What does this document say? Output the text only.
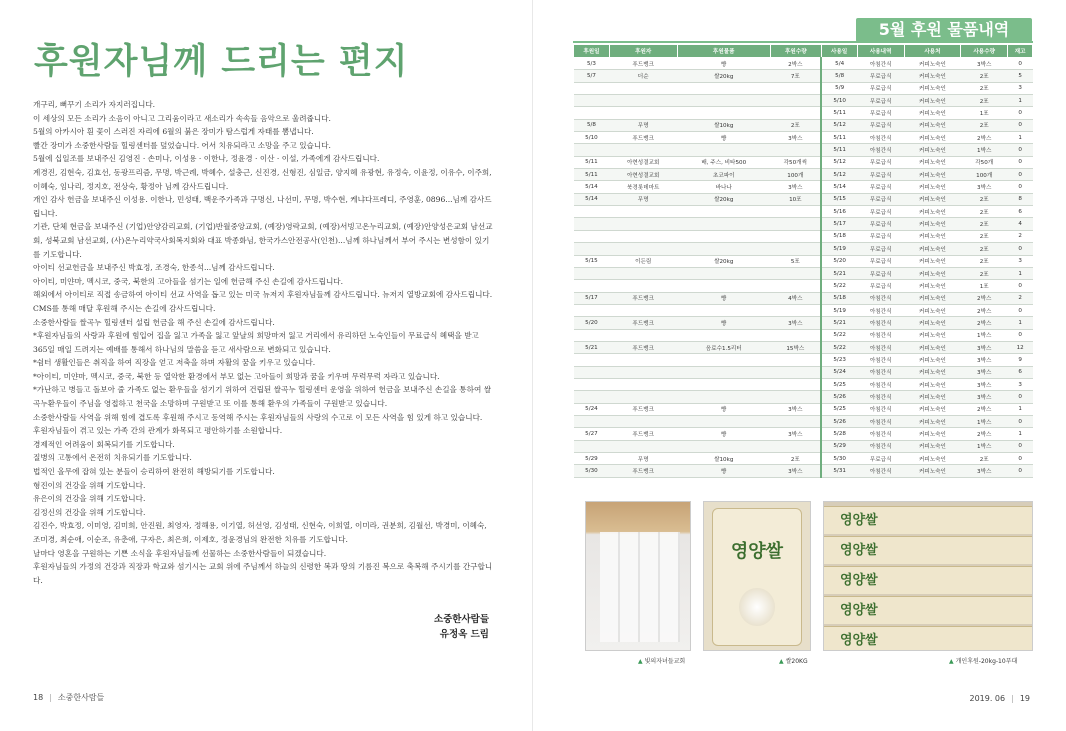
후원자님께 드리는 편지

개구리, 뻐꾸기 소리가 자지러집니다.

이 세상의 모든 소리가 소음이 아니고 그리움이라고 새소리가 속속들 음악으로 울려줍니다.

5월의 아카시아 흰 꽃이 스러진 자리에 6월의 붉은 장미가 탐스럽게 자태를 뽐냅니다.

빨간 장미가 소중한사람들 힐링센터를 덮었습니다. 어서 치유되라고 소망을 주고 있습니다.

5월에 십일조를 보내주신 김영진 · 손미나, 이성용 · 이한나, 정윤경 · 이산 · 이설, 가족에게 감사드립니다.

계경진, 김현숙, 김효선, 동광프리즘, 무명, 박근례, 박혜수, 설충근, 신진경, 신형진, 심일금, 양지혜 유광현, 유정숙, 이윤정, 이유수, 이주희, 이혜숙, 임나리, 정지호, 전상숙, 황정아 님께 감사드립니다.

개인 감사 헌금을 보내주신 이성용. 이한나, 민성태, 백운주가족과 구명신, 나선미, 무명, 박수현, 케냐다프레디, 주영훈, 0896...님께 감사드립니다.

기관, 단체 현금을 보내주신 (기업)안양감리교회, (기업)반월중앙교회, (예장)영락교회, (예장)서빙고온누리교회, (예장)안양성은교회 남선교회, 성북교회 남선교회, (사)온누리약국사회복지회와 대표 박종화님, 한국가스안전공사(인천)...님께 하나님께서 부어 주시는 변성함이 있기를 기도합니다.

아이티 선교헌금을 보내주신 박효정, 조경숙, 한종석...님께 감사드립니다.

아이티, 미얀마, 멕시코, 중국, 북한의 고아들을 섬기는 일에 헌금해 주신 손길에 감사드립니다.

해외에서 아이티로 직접 송금하여 아이티 선교 사역을 돕고 있는 미국 뉴저지 후원자님들께 감사드립니다. 뉴저지 열방교회에 감사드립니다.

CMS를 통해 매달 후원해 주시는 손길에 감사드립니다.

소중한사람들 쌀곡누 힐링센터 설립 헌금을 해 주신 손길에 감사드립니다.

*후원자님들의 사랑과 후원에 힘입어 집을 잃고 가족을 잃고 앞날의 희망마저 잃고 거리에서 유리하던 노숙인들이 무료급식 혜택을 받고 365일 매일 드려지는 예배를 통해서 하나님의 말씀을 듣고 새사람으로 변화되고 있습니다.

*쉼터 생활인들은 취직을 하여 직장을 얻고 저축을 하며 자활의 꿈을 키우고 있습니다.

*아이티, 미얀마, 멕시코, 중국, 북한 등 열악한 환경에서 부모 없는 고아들이 희망과 꿈을 키우며 무럭무럭 자라고 있습니다.

*가난하고 병들고 돌보아 줄 가족도 없는 환우들을 섬기기 위하여 건립된 쌀곡누 힐링센터 운영을 위하여 헌금을 보내주신 손길을 통하여 쌀곡누환우들이 주님을 영접하고 천국을 소망하며 구원받고 또 이를 통해 환우의 가족들이 구원받고 있습니다.

소중한사람들 사역을 위해 힘에 겹도록 후원해 주시고 동역해 주시는 후원자님들의 사랑의 수고로 이 모든 사역을 힘 있게 하고 있습니다.

후원자님들이 겪고 있는 가족 간의 관계가 화목되고 평안하기를 소원합니다.

경제적인 어려움이 회복되기를 기도합니다.

질병의 고통에서 온전히 치유되기를 기도합니다.

법적인 올무에 잡혀 있는 분들이 승리하여 완전히 해방되기를 기도합니다.

형진이의 건강을 위해 기도합니다.

유은이의 건강을 위해 기도합니다.

김정신의 건강을 위해 기도합니다.

김진수, 박효정, 이미영, 김미희, 안진원, 최영자, 정해용, 이기열, 허선영, 김성태, 신현숙, 이희열, 이미라, 권분희, 김월선, 박경미, 이혜숙, 조미경, 최순애, 이순조, 유춘애, 구자은, 최은희, 이제호, 정윤경님의 완전한 치유를 기도합니다.

날마다 영혼을 구원하는 기쁜 소식을 후원자님들께 선물하는 소중한사람들이 되겠습니다.

후원자님들의 가정의 건강과 직장과 학교와 섬기시는 교회 위에 주님께서 하늘의 신령한 복과 땅의 기름진 복으로 축복해 주시기를 간구합니다.

소중한사람들
유정옥 드림
18 | 소중한사람들
5월 후원 물품내역
후원일	후원자	후원물품	후원수량	사용일	사용내역	사용처	사용수량	재고
5/3	푸드뱅크	빵	2박스	5/4	아침간식	커피노숙인	3박스	0
5/7	더순	쌀20kg	7포	5/8	무료급식	커피노숙인	2포	5
				5/9	무료급식	커피노숙인	2포	3
				5/10	무료급식	커피노숙인	2포	1
				5/11	무료급식	커피노숙인	1포	0
5/8	무명	쌀10kg	2포	5/12	무료급식	커피노숙인	2포	0
5/10	푸드뱅크	빵	3박스	5/11	아침간식	커피노숙인	2박스	1
				5/11	아침간식	커피노숙인	1박스	0
5/11	아현성결교회	배, 주스, 비타500	각50개씩	5/12	무료급식	커피노숙인	각50개	0
5/11	아현성결교회	초코파이	100개	5/12	무료급식	커피노숙인	100개	0
5/14	북경롯데마트	바나나	3박스	5/14	무료급식	커피노숙인	3박스	0
5/14	무명	쌀20kg	10포	5/15	무료급식	커피노숙인	2포	8
				5/16	무료급식	커피노숙인	2포	6
				5/17	무료급식	커피노숙인	2포	4
				5/18	무료급식	커피노숙인	2포	2
				5/19	무료급식	커피노숙인	2포	0
5/15	이든림	쌀20kg	5포	5/20	무료급식	커피노숙인	2포	3
				5/21	무료급식	커피노숙인	2포	1
				5/22	무료급식	커피노숙인	1포	0
5/17	푸드뱅크	빵	4박스	5/18	아침간식	커피노숙인	2박스	2
				5/19	아침간식	커피노숙인	2박스	0
5/20	푸드뱅크	빵	3박스	5/21	아침간식	커피노숙인	2박스	1
				5/22	아침간식	커피노숙인	1박스	0
5/21	푸드뱅크	음료수1.5리터	15박스	5/22	아침간식	커피노숙인	3박스	12
				5/23	아침간식	커피노숙인	3박스	9
				5/24	아침간식	커피노숙인	3박스	6
				5/25	아침간식	커피노숙인	3박스	3
				5/26	아침간식	커피노숙인	3박스	0
5/24	푸드뱅크	빵	3박스	5/25	아침간식	커피노숙인	2박스	1
				5/26	아침간식	커피노숙인	1박스	0
5/27	푸드뱅크	빵	3박스	5/28	아침간식	커피노숙인	2박스	1
				5/29	아침간식	커피노숙인	1박스	0
5/29	무명	쌀10kg	2포	5/30	무료급식	커피노숙인	2포	0
5/30	푸드뱅크	빵	3박스	5/31	아침간식	커피노숙인	3박스	0
영양쌀
영양쌀
영양쌀
영양쌀
영양쌀
영양쌀
▲ 빛의자녀들교회	▲ 쌀20KG	▲ 개인후원-20kg-10푸대
2019. 06 | 19
